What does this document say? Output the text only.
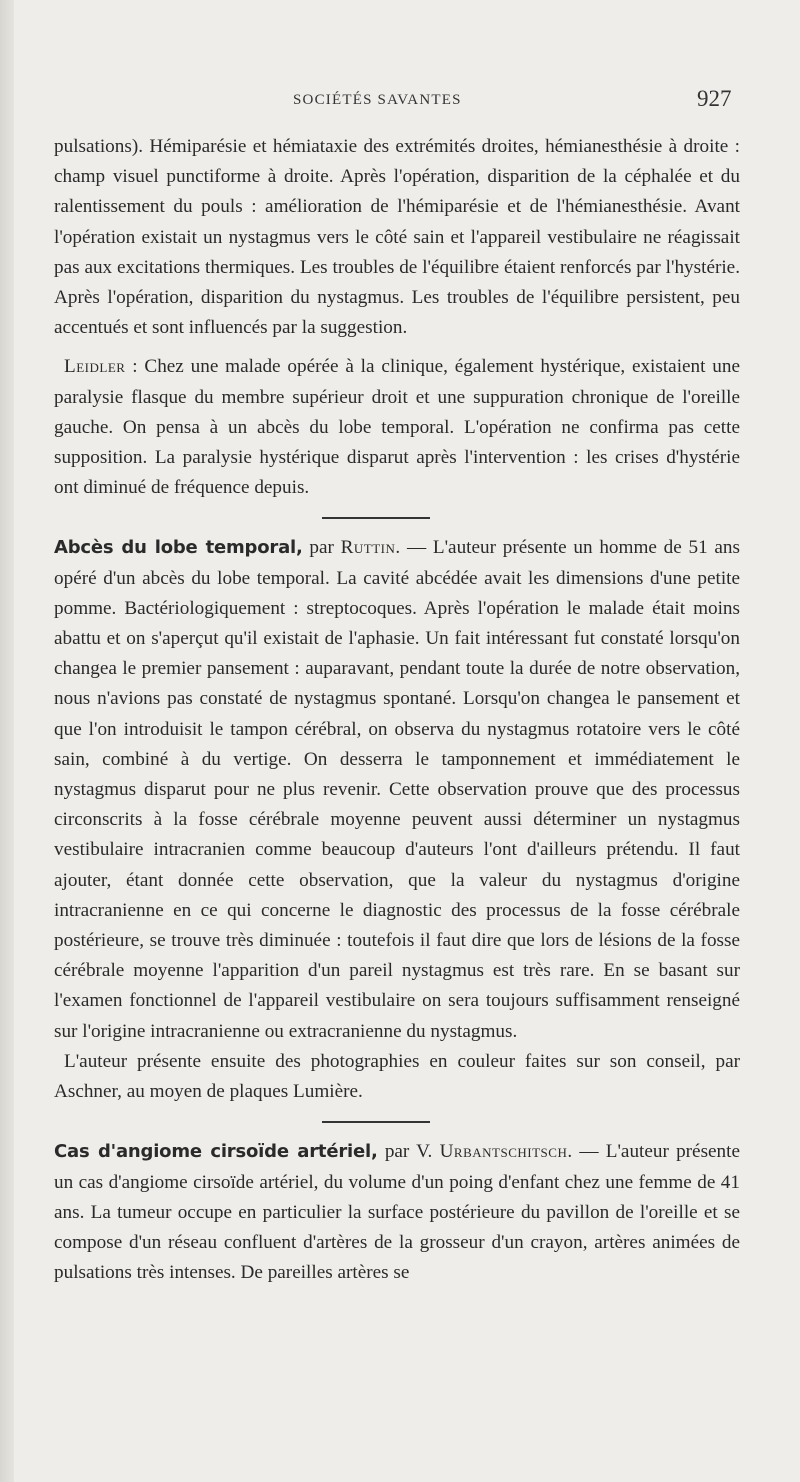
SOCIÉTÉS SAVANTES	927

pulsations). Hémiparésie et hémiataxie des extrémités droites, hémianesthésie à droite : champ visuel punctiforme à droite. Après l'opération, disparition de la céphalée et du ralentissement du pouls : amélioration de l'hémiparésie et de l'hémianesthésie. Avant l'opération existait un nystagmus vers le côté sain et l'appareil vestibulaire ne réagissait pas aux excitations thermiques. Les troubles de l'équilibre étaient renforcés par l'hystérie. Après l'opération, disparition du nystagmus. Les troubles de l'équilibre persistent, peu accentués et sont influencés par la suggestion.

Leidler : Chez une malade opérée à la clinique, également hystérique, existaient une paralysie flasque du membre supérieur droit et une suppuration chronique de l'oreille gauche. On pensa à un abcès du lobe temporal. L'opération ne confirma pas cette supposition. La paralysie hystérique disparut après l'intervention : les crises d'hystérie ont diminué de fréquence depuis.

Abcès du lobe temporal, par Ruttin. — L'auteur présente un homme de 51 ans opéré d'un abcès du lobe temporal. La cavité abcédée avait les dimensions d'une petite pomme. Bactériologiquement : streptocoques. Après l'opération le malade était moins abattu et on s'aperçut qu'il existait de l'aphasie. Un fait intéressant fut constaté lorsqu'on changea le premier pansement : auparavant, pendant toute la durée de notre observation, nous n'avions pas constaté de nystagmus spontané. Lorsqu'on changea le pansement et que l'on introduisit le tampon cérébral, on observa du nystagmus rotatoire vers le côté sain, combiné à du vertige. On desserra le tamponnement et immédiatement le nystagmus disparut pour ne plus revenir. Cette observation prouve que des processus circonscrits à la fosse cérébrale moyenne peuvent aussi déterminer un nystagmus vestibulaire intracranien comme beaucoup d'auteurs l'ont d'ailleurs prétendu. Il faut ajouter, étant donnée cette observation, que la valeur du nystagmus d'origine intracranienne en ce qui concerne le diagnostic des processus de la fosse cérébrale postérieure, se trouve très diminuée : toutefois il faut dire que lors de lésions de la fosse cérébrale moyenne l'apparition d'un pareil nystagmus est très rare. En se basant sur l'examen fonctionnel de l'appareil vestibulaire on sera toujours suffisamment renseigné sur l'origine intracranienne ou extracranienne du nystagmus.

L'auteur présente ensuite des photographies en couleur faites sur son conseil, par Aschner, au moyen de plaques Lumière.

Cas d'angiome cirsoïde artériel, par V. Urbantschitsch. — L'auteur présente un cas d'angiome cirsoïde artériel, du volume d'un poing d'enfant chez une femme de 41 ans. La tumeur occupe en particulier la surface postérieure du pavillon de l'oreille et se compose d'un réseau confluent d'artères de la grosseur d'un crayon, artères animées de pulsations très intenses. De pareilles artères se
